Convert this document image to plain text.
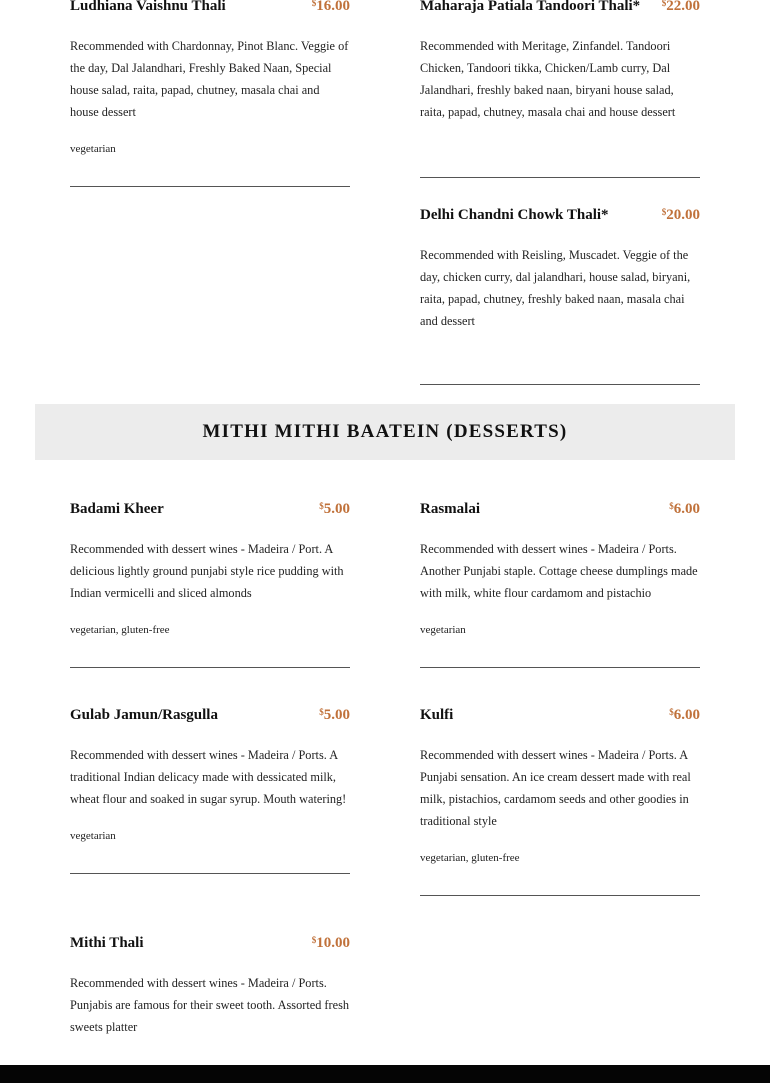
Ludhiana Vaishnu Thali	$16.00
Recommended with Chardonnay, Pinot Blanc. Veggie of the day, Dal Jalandhari, Freshly Baked Naan, Special house salad, raita, papad, chutney, masala chai and house dessert
vegetarian
Maharaja Patiala Tandoori Thali* $22.00
Recommended with Meritage, Zinfandel. Tandoori Chicken, Tandoori tikka, Chicken/Lamb curry, Dal Jalandhari, freshly baked naan, biryani house salad, raita, papad, chutney, masala chai and house dessert
Delhi Chandni Chowk Thali*	$20.00
Recommended with Reisling, Muscadet. Veggie of the day, chicken curry, dal jalandhari, house salad, biryani, raita, papad, chutney, freshly baked naan, masala chai and dessert
MITHI MITHI BAATEIN (DESSERTS)
Badami Kheer	$5.00
Recommended with dessert wines - Madeira / Port. A delicious lightly ground punjabi style rice pudding with Indian vermicelli and sliced almonds
vegetarian, gluten-free
Rasmalai	$6.00
Recommended with dessert wines - Madeira / Ports. Another Punjabi staple. Cottage cheese dumplings made with milk, white flour cardamom and pistachio
vegetarian
Gulab Jamun/Rasgulla	$5.00
Recommended with dessert wines - Madeira / Ports. A traditional Indian delicacy made with dessicated milk, wheat flour and soaked in sugar syrup. Mouth watering!
vegetarian
Kulfi	$6.00
Recommended with dessert wines - Madeira / Ports. A Punjabi sensation. An ice cream dessert made with real milk, pistachios, cardamom seeds and other goodies in traditional style
vegetarian, gluten-free
Mithi Thali	$10.00
Recommended with dessert wines - Madeira / Ports. Punjabis are famous for their sweet tooth. Assorted fresh sweets platter
